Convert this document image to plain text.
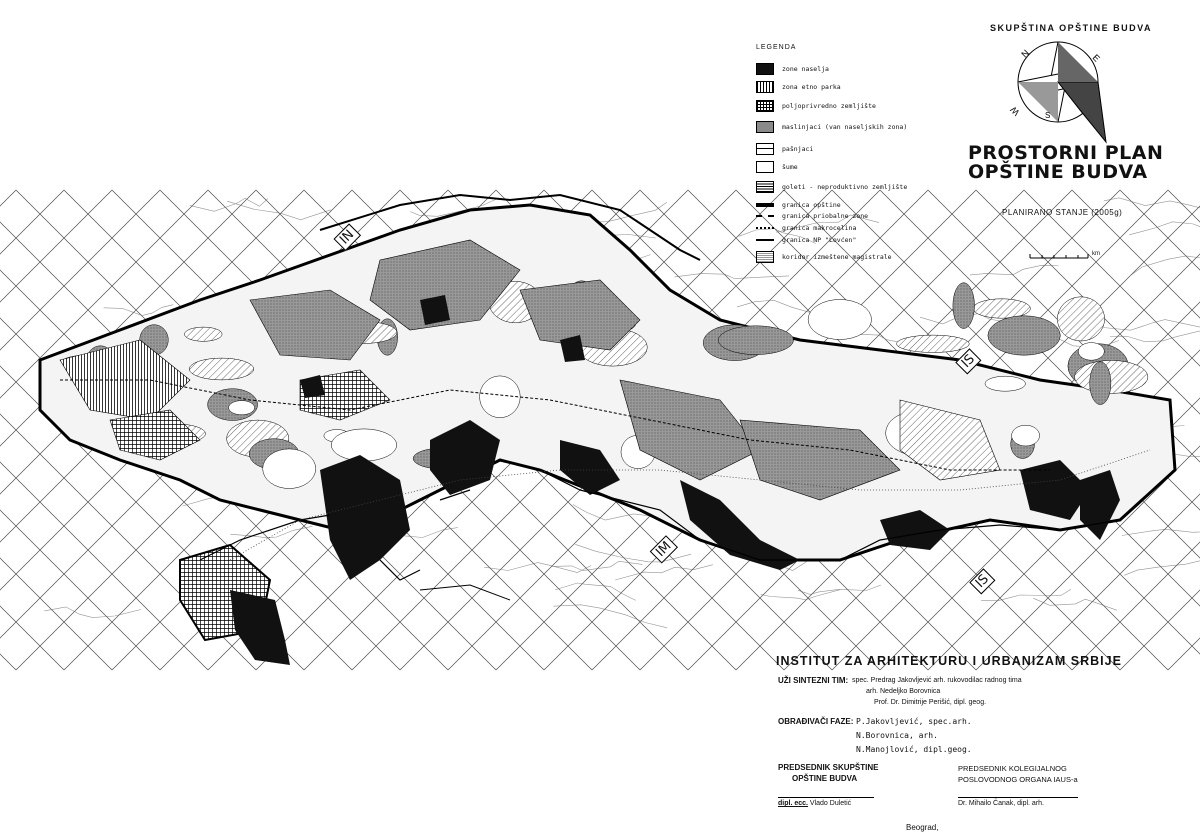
N	E
W	S
IN
IS
IM
IS
LEGENDA
zone naselja
zona etno parka
poljoprivredno zemljište
maslinjaci (van naseljskih zona)
pašnjaci
šume
goleti - neproduktivno zemljište
granica opštine
granica priobalne zone
granica makrocelina
granica NP "Lovćen"
koridor izmeštene magistrale
SKUPŠTINA OPŠTINE BUDVA
PROSTORNI PLAN
OPŠTINE BUDVA
PLANIRANO STANJE (2005g)
km
INSTITUT ZA ARHITEKTURU I URBANIZAM SRBIJE
UŽI SINTEZNI TIM: spec. Predrag Jakovljević arh. rukovodilac radnog tima
arh. Nedeljko Borovnica
Prof. Dr. Dimitrije Perišić, dipl. geog.
OBRAĐIVAČI FAZE: P.Jakovljević, spec.arh.
N.Borovnica, arh.
N.Manojlović, dipl.geog.
PREDSEDNIK SKUPŠTINE
OPŠTINE BUDVA
PREDSEDNIK KOLEGIJALNOG
POSLOVODNOG ORGANA IAUS-a
dipl. ecc. Vlado Duletić	Dr. Mihailo Čanak, dipl. arh.
Beograd,
